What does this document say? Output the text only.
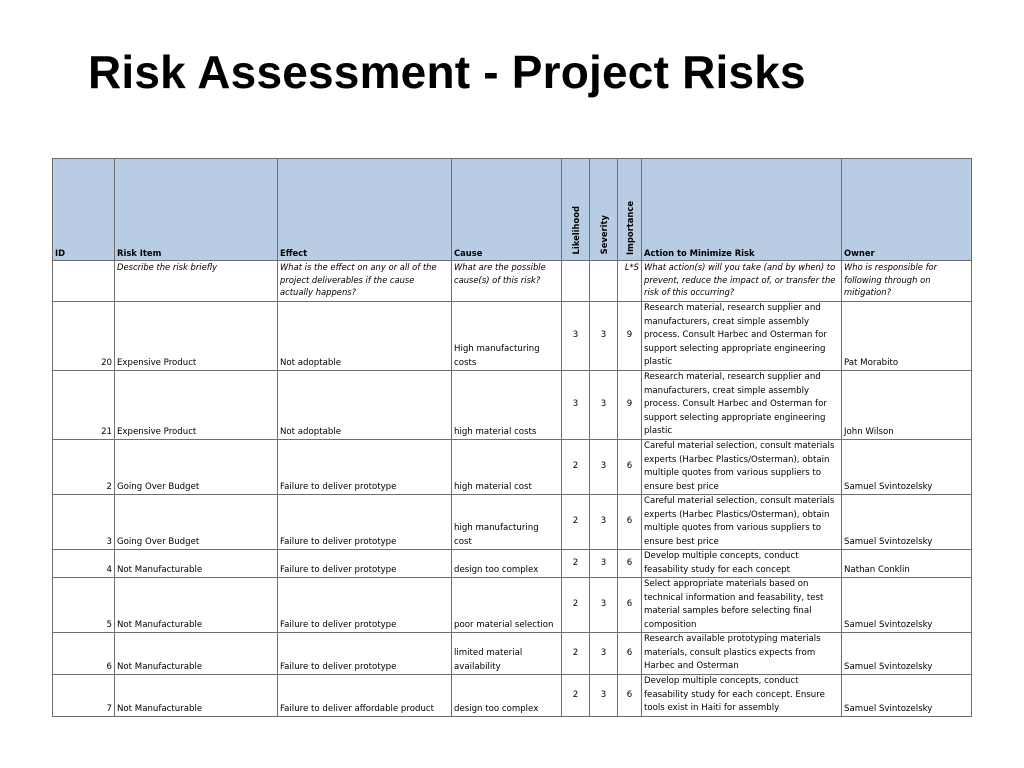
Risk Assessment - Project Risks
ID	Risk Item	Effect	Cause	Likelihood	Severity	Importance	Action to Minimize Risk	Owner
	Describe the risk briefly	What is the effect on any or all of the project deliverables if the cause actually happens?	What are the possible cause(s) of this risk?			L*S	What action(s) will you take (and by when) to prevent, reduce the impact of, or transfer the risk of this occurring?	Who is responsible for following through on mitigation?
20	Expensive Product	Not adoptable	High manufacturing costs	3	3	9	Research material, research supplier and manufacturers, creat simple assembly process. Consult Harbec and Osterman for support selecting appropriate engineering plastic	Pat Morabito
21	Expensive Product	Not adoptable	high material costs	3	3	9	Research material, research supplier and manufacturers, creat simple assembly process. Consult Harbec and Osterman for support selecting appropriate engineering plastic	John Wilson
2	Going Over Budget	Failure to deliver prototype	high material cost	2	3	6	Careful material selection, consult materials experts (Harbec Plastics/Osterman), obtain multiple quotes from various suppliers to ensure best price	Samuel Svintozelsky
3	Going Over Budget	Failure to deliver prototype	high manufacturing cost	2	3	6	Careful material selection, consult materials experts (Harbec Plastics/Osterman), obtain multiple quotes from various suppliers to ensure best price	Samuel Svintozelsky
4	Not Manufacturable	Failure to deliver prototype	design too complex	2	3	6	Develop multiple concepts, conduct feasability study for each concept	Nathan Conklin
5	Not Manufacturable	Failure to deliver prototype	poor material selection	2	3	6	Select appropriate materials based on technical information and feasability, test material samples before selecting final composition	Samuel Svintozelsky
6	Not Manufacturable	Failure to deliver prototype	limited material availability	2	3	6	Research available prototyping materials materials, consult plastics expects from Harbec and Osterman	Samuel Svintozelsky
7	Not Manufacturable	Failure to deliver affordable product	design too complex	2	3	6	Develop multiple concepts, conduct feasability study for each concept. Ensure tools exist in Haiti for assembly	Samuel Svintozelsky
